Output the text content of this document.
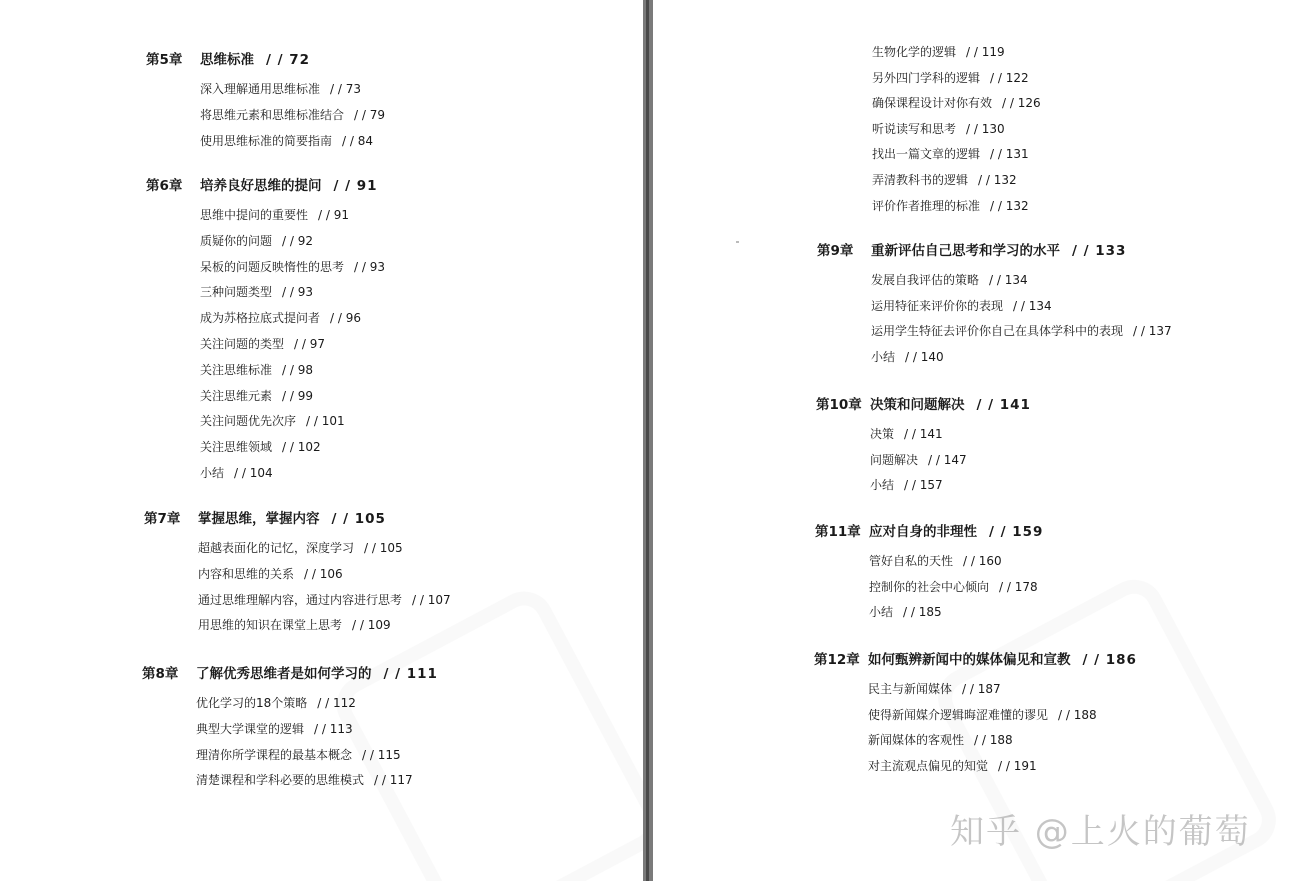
第5章 思维标准 / / 72
深入理解通用思维标准 / / 73
将思维元素和思维标准结合 / / 79
使用思维标准的简要指南 / / 84
第6章 培养良好思维的提问 / / 91
思维中提问的重要性 / / 91
质疑你的问题 / / 92
呆板的问题反映惰性的思考 / / 93
三种问题类型 / / 93
成为苏格拉底式提问者 / / 96
关注问题的类型 / / 97
关注思维标准 / / 98
关注思维元素 / / 99
关注问题优先次序 / / 101
关注思维领域 / / 102
小结 / / 104
第7章 掌握思维，掌握内容 / / 105
超越表面化的记忆，深度学习 / / 105
内容和思维的关系 / / 106
通过思维理解内容，通过内容进行思考 / / 107
用思维的知识在课堂上思考 / / 109
第8章 了解优秀思维者是如何学习的 / / 111
优化学习的18个策略 / / 112
典型大学课堂的逻辑 / / 113
理清你所学课程的最基本概念 / / 115
清楚课程和学科必要的思维模式 / / 117
生物化学的逻辑 / / 119
另外四门学科的逻辑 / / 122
确保课程设计对你有效 / / 126
听说读写和思考 / / 130
找出一篇文章的逻辑 / / 131
弄清教科书的逻辑 / / 132
评价作者推理的标准 / / 132
第9章 重新评估自己思考和学习的水平 / / 133
发展自我评估的策略 / / 134
运用特征来评价你的表现 / / 134
运用学生特征去评价你自己在具体学科中的表现 / / 137
小结 / / 140
第10章 决策和问题解决 / / 141
决策 / / 141
问题解决 / / 147
小结 / / 157
第11章 应对自身的非理性 / / 159
管好自私的天性 / / 160
控制你的社会中心倾向 / / 178
小结 / / 185
第12章 如何甄辨新闻中的媒体偏见和宣教 / / 186
民主与新闻媒体 / / 187
使得新闻媒介逻辑晦涩难懂的谬见 / / 188
新闻媒体的客观性 / / 188
对主流观点偏见的知觉 / / 191
知乎 @上火的葡萄
